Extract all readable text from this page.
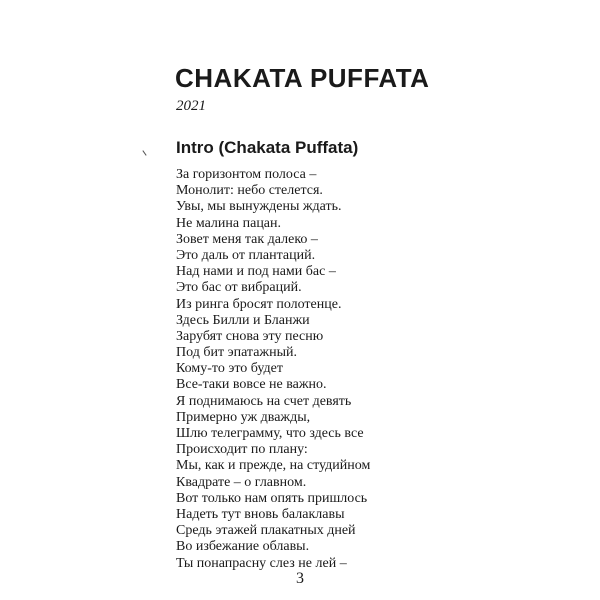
CHAKATA PUFFATA
2021
Intro (Chakata Puffata)
За горизонтом полоса –
Монолит: небо стелется.
Увы, мы вынуждены ждать.
Не малина пацан.
Зовет меня так далеко –
Это даль от плантаций.
Над нами и под нами бас –
Это бас от вибраций.
Из ринга бросят полотенце.
Здесь Билли и Бланжи
Зарубят снова эту песню
Под бит эпатажный.
Кому-то это будет
Все-таки вовсе не важно.
Я поднимаюсь на счет девять
Примерно уж дважды,
Шлю телеграмму, что здесь все
Происходит по плану:
Мы, как и прежде, на студийном
Квадрате – о главном.
Вот только нам опять пришлось
Надеть тут вновь балаклавы
Средь этажей плакатных дней
Во избежание облавы.
Ты понапрасну слез не лей –
3
